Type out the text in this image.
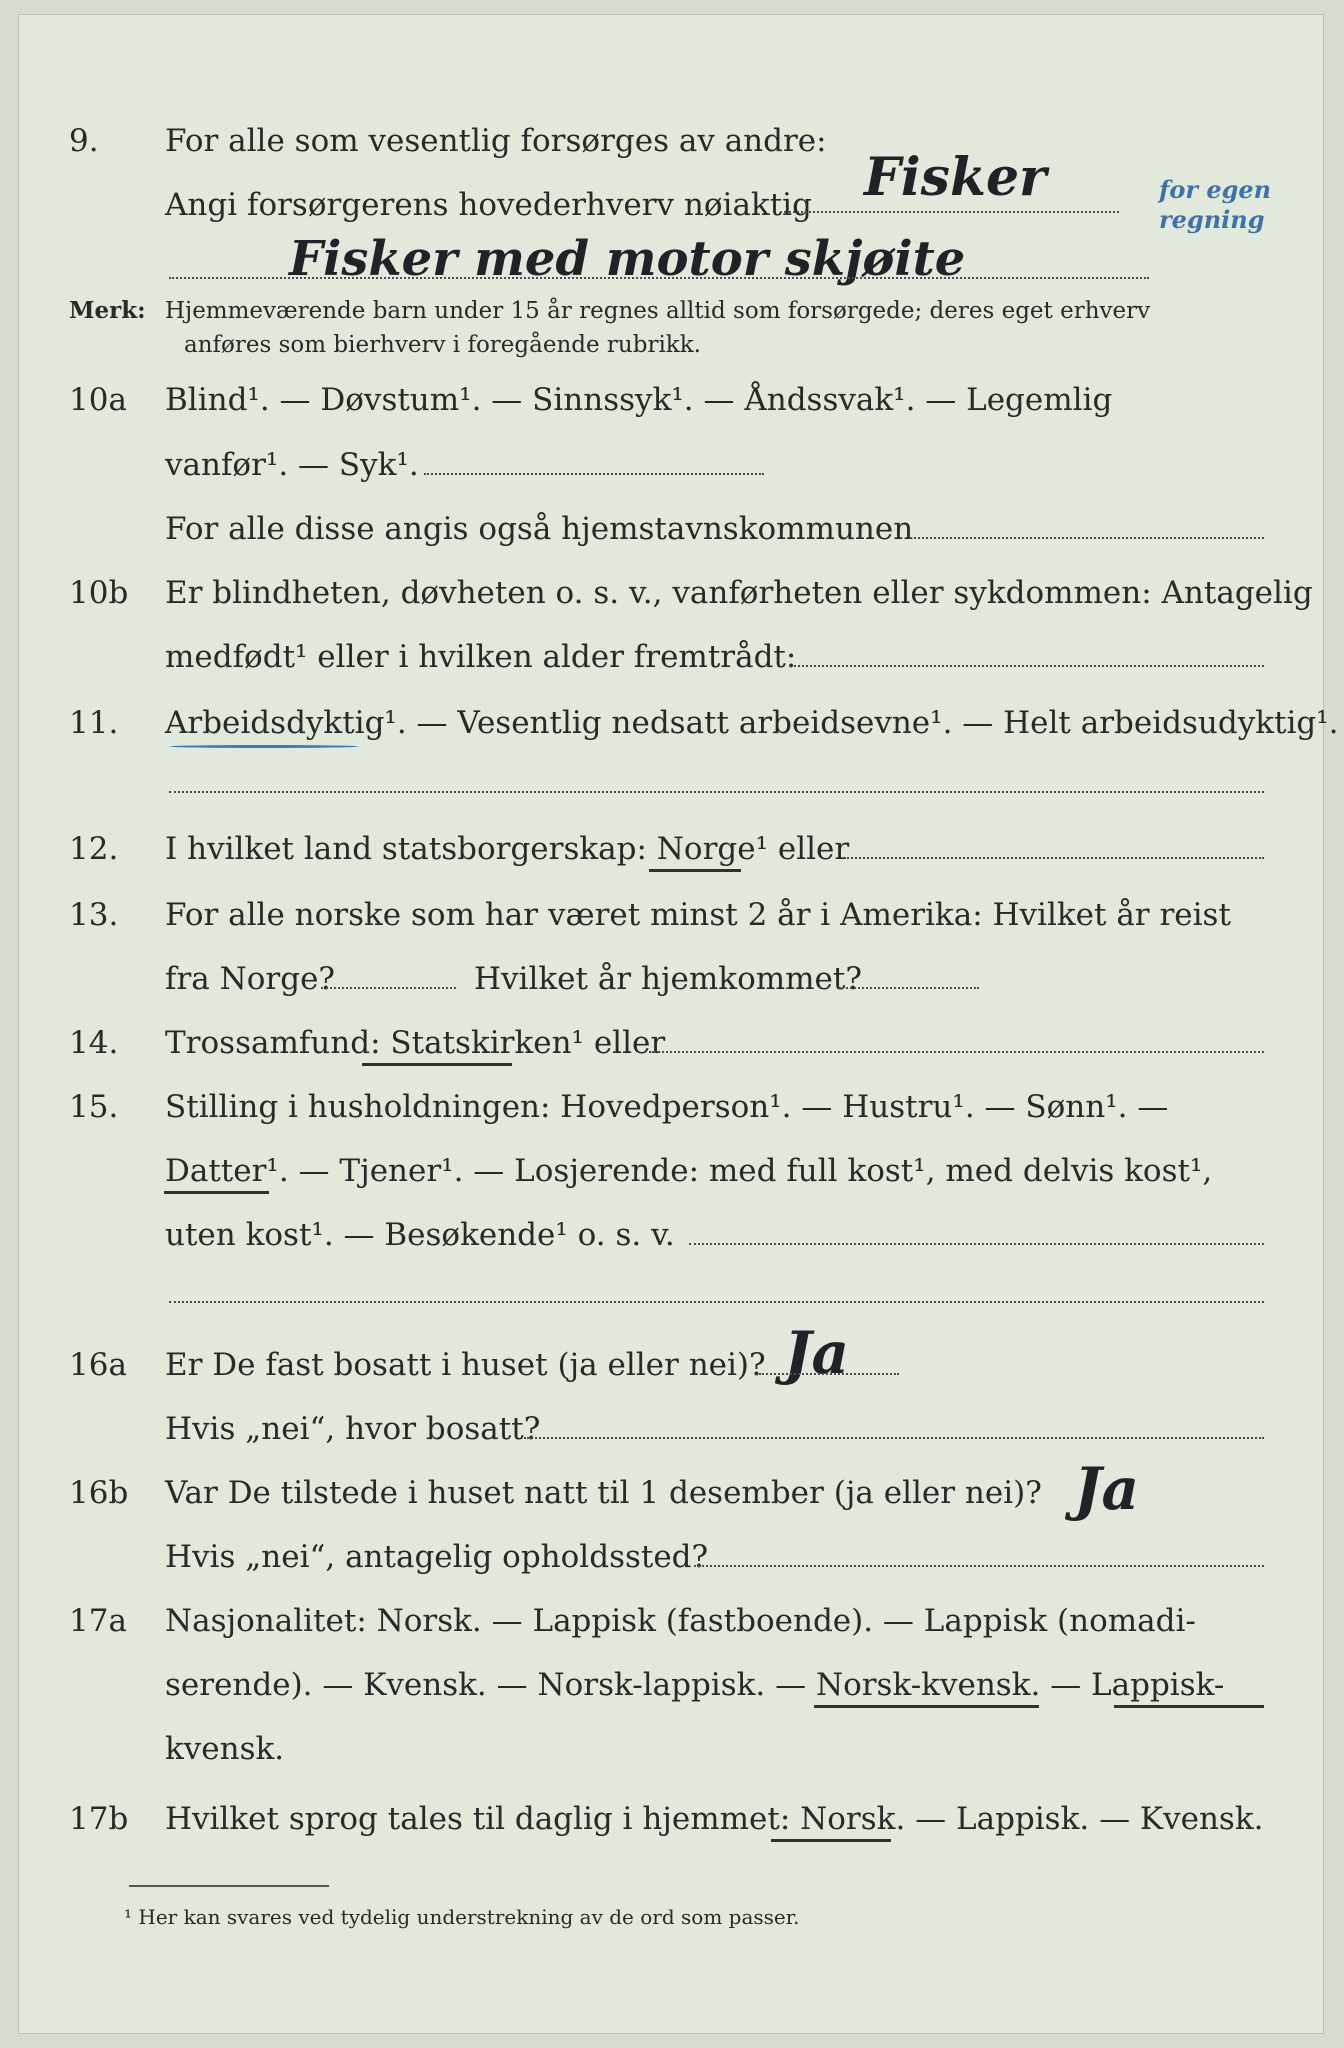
9. For alle som vesentlig forsørges av andre:
Angi forsørgerens hovederhverv nøiaktig Fisker	for egen regning
Fisker med motor skjøite
Merk: Hjemmeværende barn under 15 år regnes alltid som forsørgede; deres eget erhverv
anføres som bierhverv i foregående rubrikk.
10a Blind¹. — Døvstum¹. — Sinnssyk¹. — Åndssvak¹. — Legemlig
vanfør¹. — Syk¹.
For alle disse angis også hjemstavnskommunen
10b Er blindheten, døvheten o. s. v., vanførheten eller sykdommen: Antagelig
medfødt¹ eller i hvilken alder fremtrådt:
11. Arbeidsdyktig¹. — Vesentlig nedsatt arbeidsevne¹. — Helt arbeidsudyktig¹.
12. I hvilket land statsborgerskap: Norge¹ eller
13. For alle norske som har været minst 2 år i Amerika: Hvilket år reist
fra Norge?	Hvilket år hjemkommet?
14. Trossamfund: Statskirken¹ eller
15. Stilling i husholdningen: Hovedperson¹. — Hustru¹. — Sønn¹. —
Datter¹. — Tjener¹. — Losjerende: med full kost¹, med delvis kost¹,
uten kost¹. — Besøkende¹ o. s. v.
16a Er De fast bosatt i huset (ja eller nei)? Ja
Hvis „nei“, hvor bosatt?
16b Var De tilstede i huset natt til 1 desember (ja eller nei)? Ja
Hvis „nei“, antagelig opholdssted?
17a Nasjonalitet: Norsk. — Lappisk (fastboende). — Lappisk (nomadi-
serende). — Kvensk. — Norsk-lappisk. — Norsk-kvensk. — Lappisk-
kvensk.
17b Hvilket sprog tales til daglig i hjemmet: Norsk. — Lappisk. — Kvensk.
¹ Her kan svares ved tydelig understrekning av de ord som passer.
